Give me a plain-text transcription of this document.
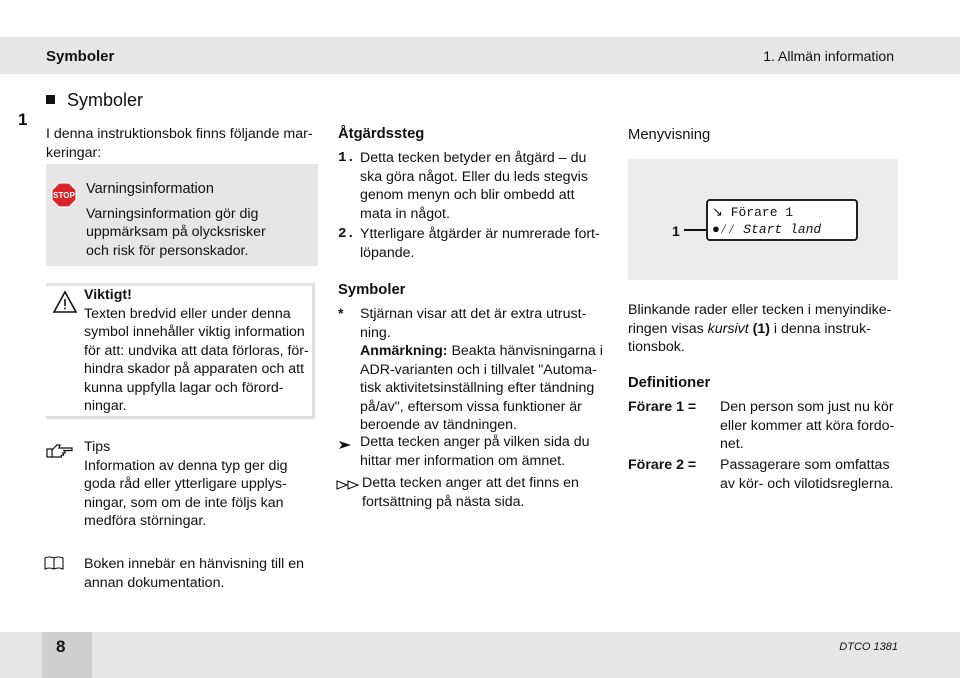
Symboler	1. Allmän information
1
Symboler
I denna instruktionsbok finns följande mar-
keringar:
STOP Varningsinformation
Varningsinformation gör dig
uppmärksam på olycksrisker
och risk för personskador.
Viktigt!
Texten bredvid eller under denna
symbol innehåller viktig information
för att: undvika att data förloras, för-
hindra skador på apparaten och att
kunna uppfylla lagar och förord-
ningar.
Tips
Information av denna typ ger dig
goda råd eller ytterligare upplys-
ningar, som om de inte följs kan
medföra störningar.
Boken innebär en hänvisning till en
annan dokumentation.
Åtgärdssteg
1. Detta tecken betyder en åtgärd – du
ska göra något. Eller du leds stegvis
genom menyn och blir ombedd att
mata in något.
2. Ytterligare åtgärder är numrerade fort-
löpande.
Symboler
* Stjärnan visar att det är extra utrust-
ning.
Anmärkning: Beakta hänvisningarna i
ADR-varianten och i tillvalet "Automa-
tisk aktivitetsinställning efter tändning
på/av", eftersom vissa funktioner är
beroende av tändningen.
Detta tecken anger på vilken sida du
hittar mer information om ämnet.
Detta tecken anger att det finns en
fortsättning på nästa sida.
Menyvisning
1
↘ Förare 1
●⁄⁄ Start land
Blinkande rader eller tecken i menyindike-
ringen visas kursivt (1) i denna instruk-
tionsbok.
Definitioner
Förare 1 = Den person som just nu kör
eller kommer att köra fordo-
net.
Förare 2 = Passagerare som omfattas
av kör- och vilotidsreglerna.
8	DTCO 1381
